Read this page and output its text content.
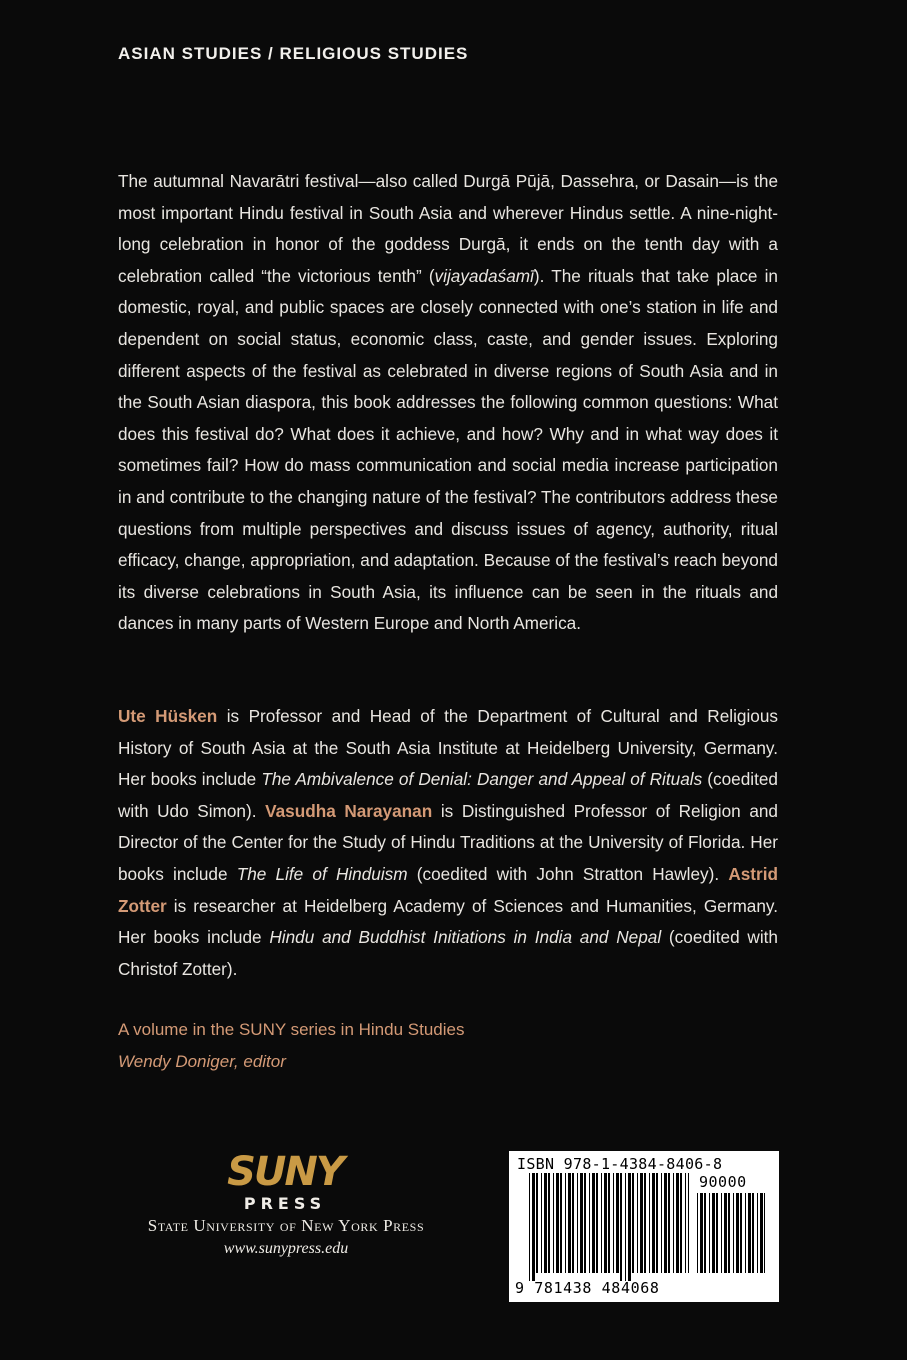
ASIAN STUDIES / RELIGIOUS STUDIES

The autumnal Navarātri festival—also called Durgā Pūjā, Dassehra, or Dasain—is the most important Hindu festival in South Asia and wherever Hindus settle. A nine-night-long celebration in honor of the goddess Durgā, it ends on the tenth day with a celebration called “the victorious tenth” (vijayadaśamī). The rituals that take place in domestic, royal, and public spaces are closely connected with one’s station in life and dependent on social status, economic class, caste, and gender issues. Exploring different aspects of the festival as celebrated in diverse regions of South Asia and in the South Asian diaspora, this book addresses the following common questions: What does this festival do? What does it achieve, and how? Why and in what way does it sometimes fail? How do mass communication and social media increase participation in and contribute to the changing nature of the festival? The contributors address these questions from multiple perspectives and discuss issues of agency, authority, ritual efficacy, change, appropriation, and adaptation. Because of the festival’s reach beyond its diverse celebrations in South Asia, its influence can be seen in the rituals and dances in many parts of Western Europe and North America.

Ute Hüsken is Professor and Head of the Department of Cultural and Religious History of South Asia at the South Asia Institute at Heidelberg University, Germany. Her books include The Ambivalence of Denial: Danger and Appeal of Rituals (coedited with Udo Simon). Vasudha Narayanan is Distinguished Professor of Religion and Director of the Center for the Study of Hindu Traditions at the University of Florida. Her books include The Life of Hinduism (coedited with John Stratton Hawley). Astrid Zotter is researcher at Heidelberg Academy of Sciences and Humanities, Germany. Her books include Hindu and Buddhist Initiations in India and Nepal (coedited with Christof Zotter).

A volume in the SUNY series in Hindu Studies

Wendy Doniger, editor

SUNY
PRESS

State University of New York Press

www.sunypress.edu

ISBN 978-1-4384-8406-8

90000

9 781438 484068
